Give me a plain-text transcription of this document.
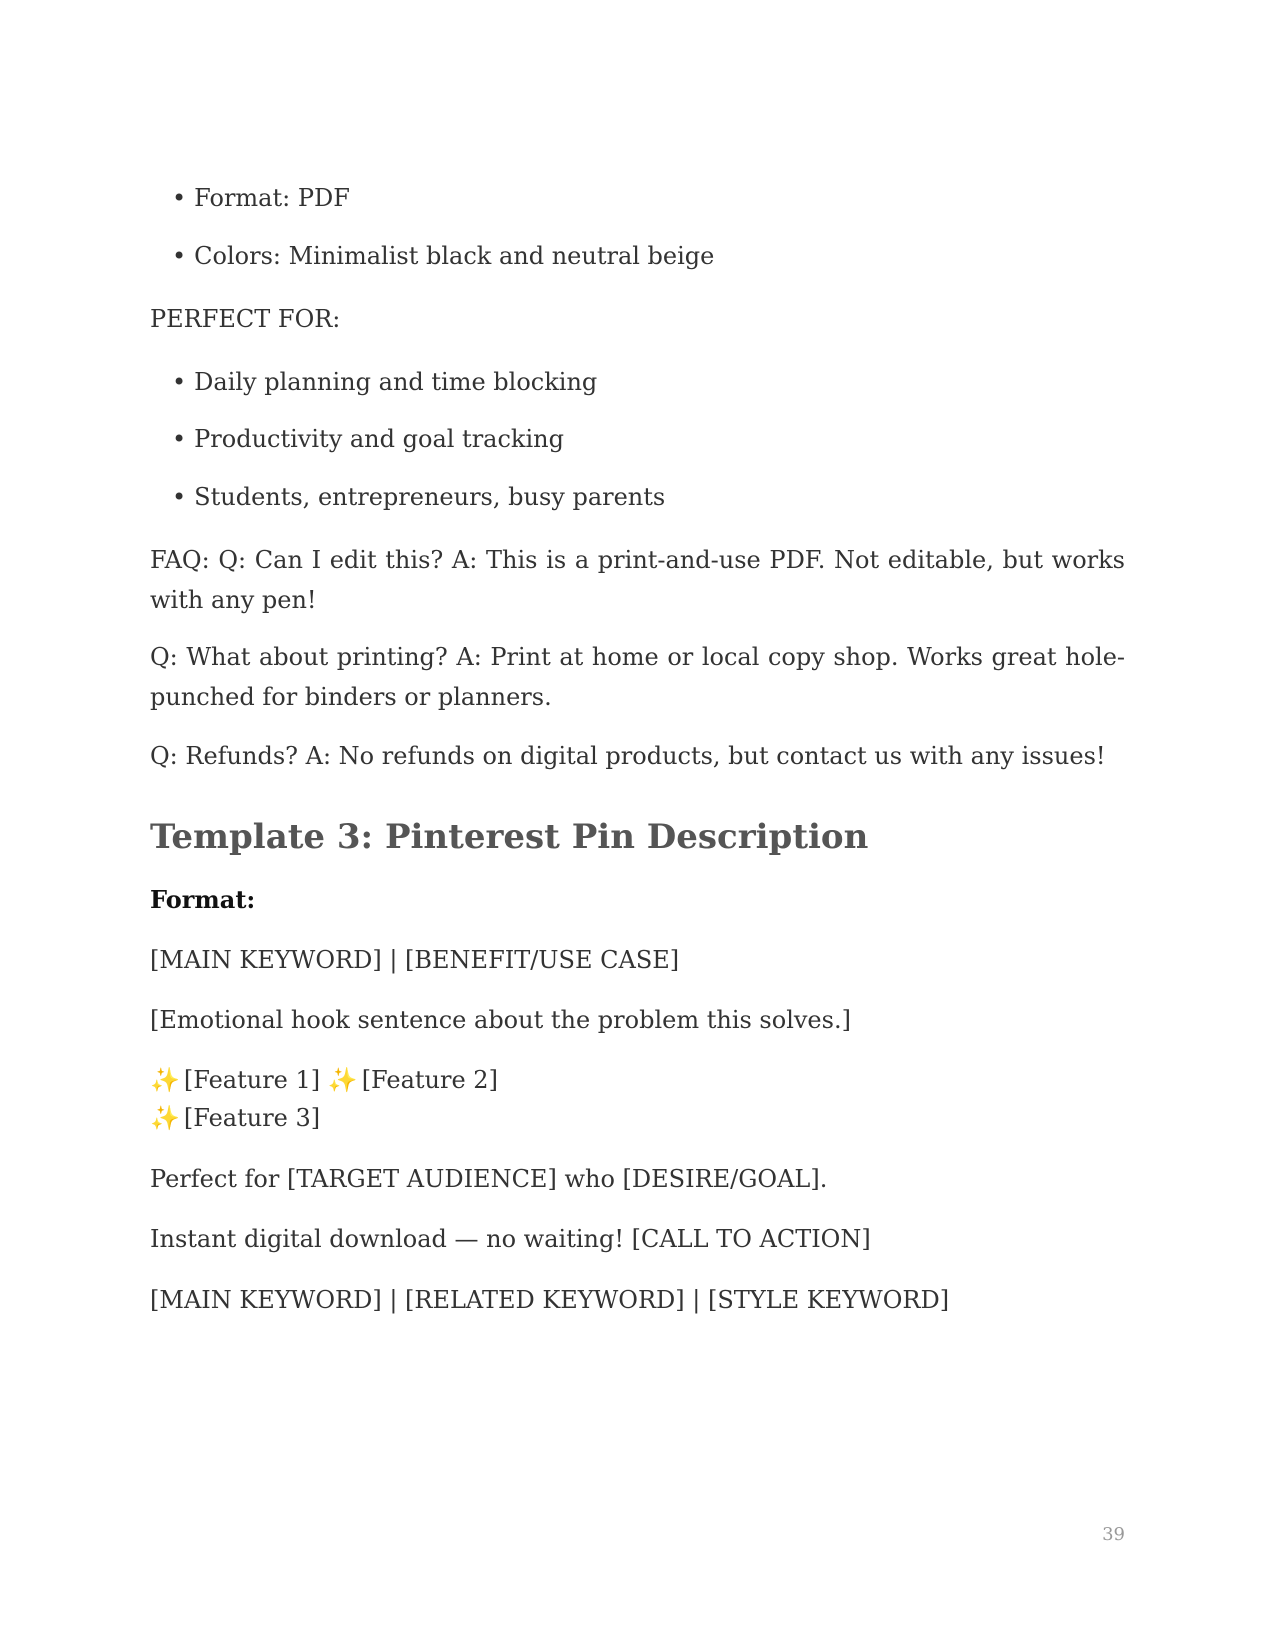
• Format: PDF
• Colors: Minimalist black and neutral beige
PERFECT FOR:
• Daily planning and time blocking
• Productivity and goal tracking
• Students, entrepreneurs, busy parents
FAQ: Q: Can I edit this? A: This is a print-and-use PDF. Not editable, but works with any pen!
Q: What about printing? A: Print at home or local copy shop. Works great hole-punched for binders or planners.
Q: Refunds? A: No refunds on digital products, but contact us with any issues!
Template 3: Pinterest Pin Description
Format:
[MAIN KEYWORD] | [BENEFIT/USE CASE]
[Emotional hook sentence about the problem this solves.]
✨ [Feature 1] ✨ [Feature 2]
✨ [Feature 3]
Perfect for [TARGET AUDIENCE] who [DESIRE/GOAL].
Instant digital download — no waiting! [CALL TO ACTION]
[MAIN KEYWORD] | [RELATED KEYWORD] | [STYLE KEYWORD]
39
